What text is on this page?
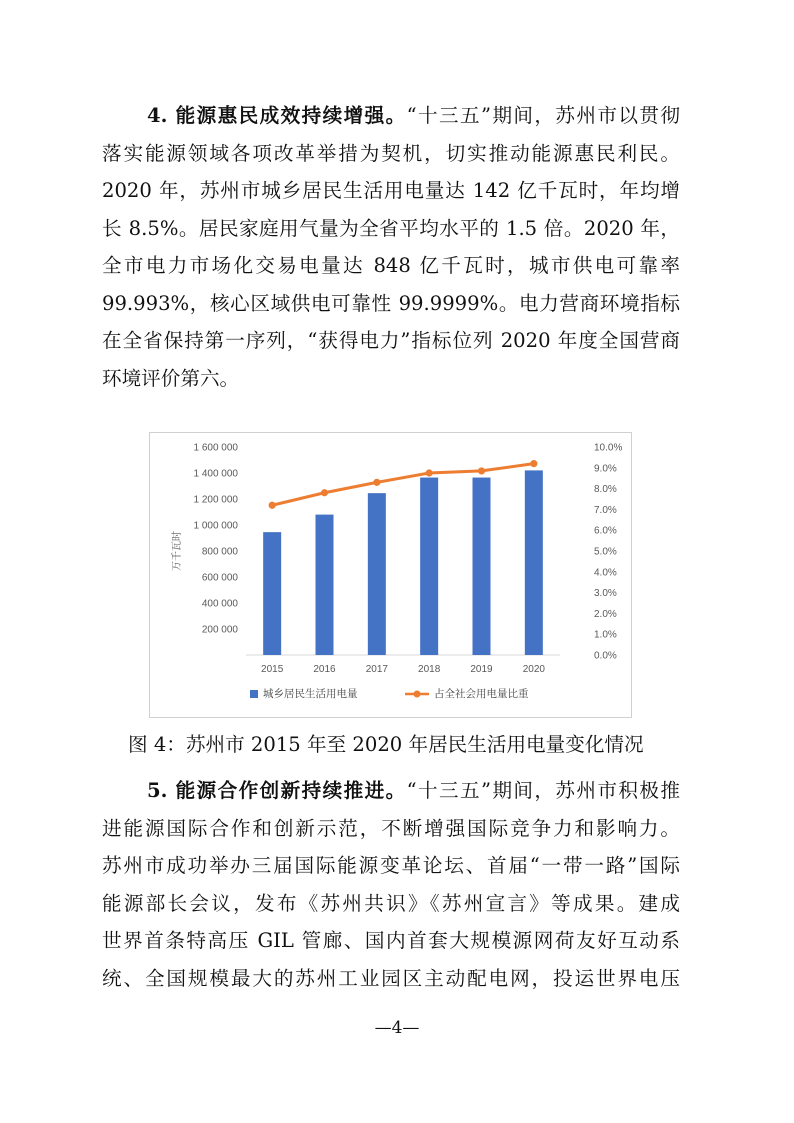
4. 能源惠民成效持续增强。“十三五”期间，苏州市以贯彻
落实能源领域各项改革举措为契机，切实推动能源惠民利民。
2020 年，苏州市城乡居民生活用电量达 142 亿千瓦时，年均增
长 8.5%。居民家庭用气量为全省平均水平的 1.5 倍。2020 年，
全市电力市场化交易电量达 848 亿千瓦时，城市供电可靠率
99.993%，核心区域供电可靠性 99.9999%。电力营商环境指标
在全省保持第一序列，“获得电力”指标位列 2020 年度全国营商
环境评价第六。
200 000
400 000
600 000
800 000
1 000 000
1 200 000
1 400 000
1 600 000
0.0%
1.0%
2.0%
3.0%
4.0%
5.0%
6.0%
7.0%
8.0%
9.0%
10.0%
万千瓦时
2015	2016	2017	2018	2019	2020
城乡居民生活用电量	占全社会用电量比重
图 4：苏州市 2015 年至 2020 年居民生活用电量变化情况
5. 能源合作创新持续推进。“十三五”期间，苏州市积极推
进能源国际合作和创新示范，不断增强国际竞争力和影响力。
苏州市成功举办三届国际能源变革论坛、首届“一带一路”国际
能源部长会议，发布《苏州共识》《苏州宣言》等成果。建成
世界首条特高压 GIL 管廊、国内首套大规模源网荷友好互动系
统、全国规模最大的苏州工业园区主动配电网，投运世界电压
—4—
